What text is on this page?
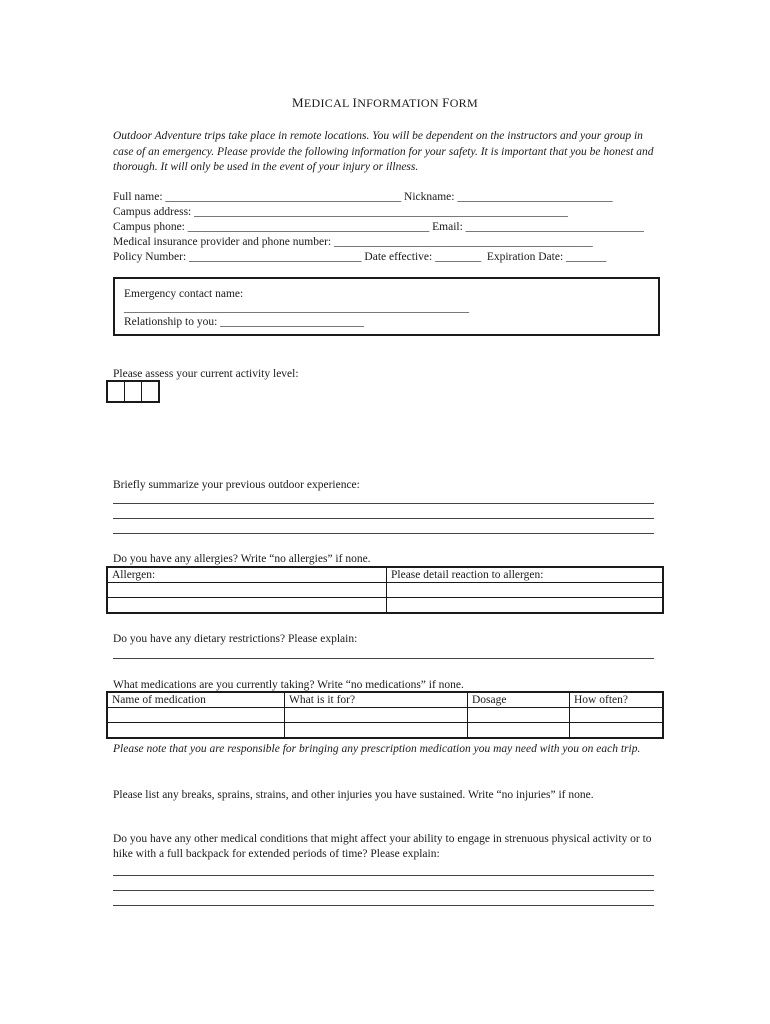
MEDICAL INFORMATION FORM
Outdoor Adventure trips take place in remote locations. You will be dependent on the instructors and your group in case of an emergency. Please provide the following information for your safety. It is important that you be honest and thorough. It will only be used in the event of your injury or illness.
Full name: _________________________________________ Nickname: ___________________________
Campus address: _________________________________________________________________
Campus phone: __________________________________________ Email: _______________________________
Medical insurance provider and phone number: _____________________________________________
Policy Number: ______________________________ Date effective: ________ Expiration Date: _______
Emergency contact name:
____________________________________________________________
Relationship to you: _________________________
Please assess your current activity level:
Briefly summarize your previous outdoor experience:
Do you have any allergies? Write “no allergies” if none.
Allergen:	Please detail reaction to allergen:

Do you have any dietary restrictions? Please explain:
What medications are you currently taking? Write “no medications” if none.
Name of medication	What is it for?	Dosage	How often?

Please note that you are responsible for bringing any prescription medication you may need with you on each trip.
Please list any breaks, sprains, strains, and other injuries you have sustained. Write “no injuries” if none.
Do you have any other medical conditions that might affect your ability to engage in strenuous physical activity or to hike with a full backpack for extended periods of time? Please explain:
